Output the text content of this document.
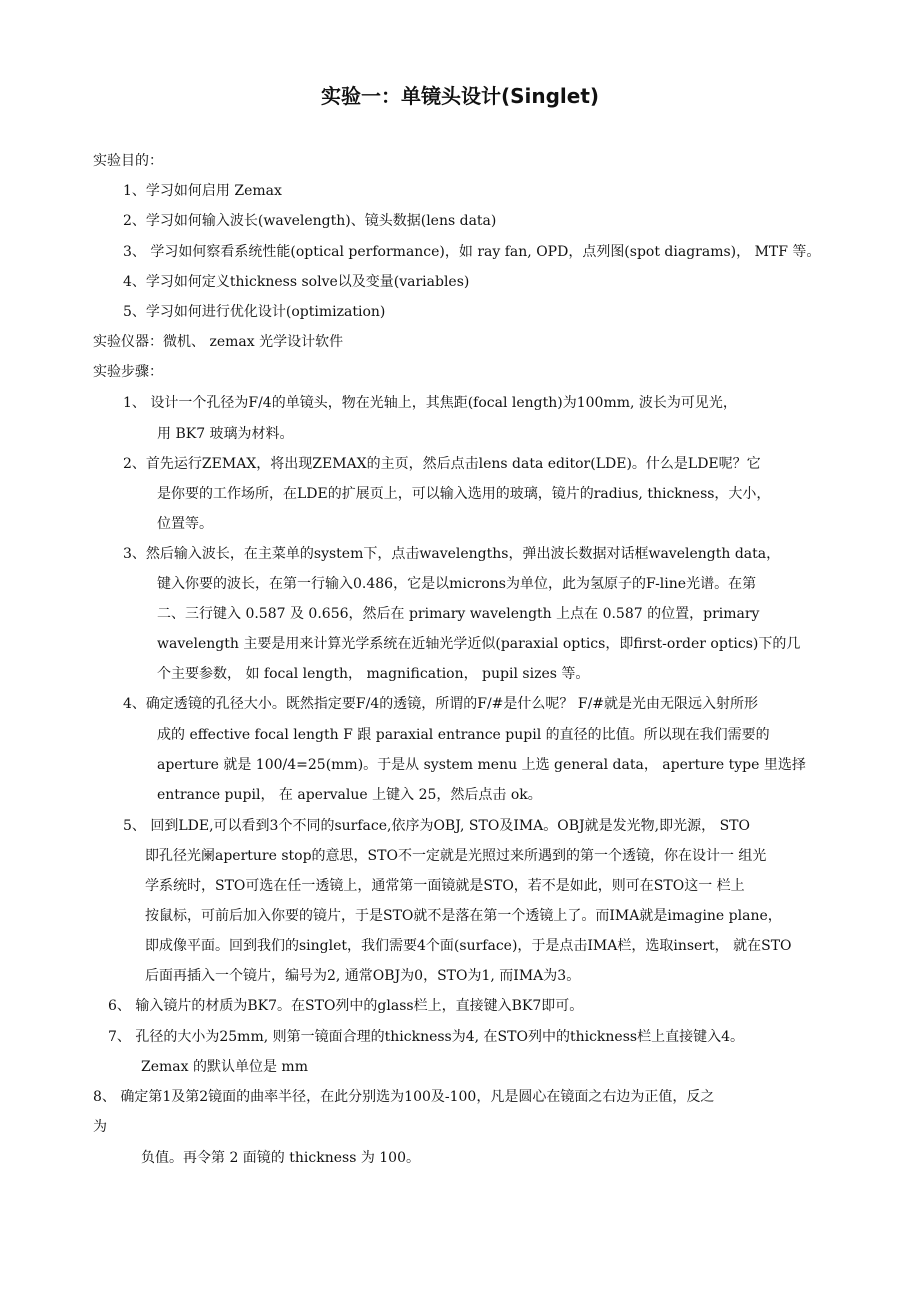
实验一：单镜头设计(Singlet)
实验目的：
1、学习如何启用 Zemax
2、学习如何输入波长(wavelength)、镜头数据(lens data)
3、 学习如何察看系统性能(optical performance)，如 ray fan, OPD，点列图(spot diagrams)， MTF 等。
4、学习如何定义thickness solve以及变量(variables)
5、学习如何进行优化设计(optimization)
实验仪器：微机、 zemax 光学设计软件
实验步骤：
1、 设计一个孔径为F/4的单镜头，物在光轴上，其焦距(focal length)为100mm, 波长为可见光，
用 BK7 玻璃为材料。
2、首先运行ZEMAX，将出现ZEMAX的主页，然后点击lens data editor(LDE)。什么是LDE呢？它
是你要的工作场所，在LDE的扩展页上，可以输入选用的玻璃，镜片的radius, thickness，大小，
位置等。
3、然后输入波长，在主菜单的system下，点击wavelengths，弹出波长数据对话框wavelength data，
键入你要的波长，在第一行输入0.486，它是以microns为单位，此为氢原子的F-line光谱。在第
二、三行键入 0.587 及 0.656，然后在 primary wavelength 上点在 0.587 的位置，primary
wavelength 主要是用来计算光学系统在近轴光学近似(paraxial optics，即first-order optics)下的几
个主要参数， 如 focal length， magnification， pupil sizes 等。
4、确定透镜的孔径大小。既然指定要F/4的透镜，所谓的F/#是什么呢？ F/#就是光由无限远入射所形
成的 effective focal length F 跟 paraxial entrance pupil 的直径的比值。所以现在我们需要的
aperture 就是 100/4=25(mm)。于是从 system menu 上选 general data， aperture type 里选择
entrance pupil， 在 apervalue 上键入 25，然后点击 ok。
5、 回到LDE,可以看到3个不同的surface,依序为OBJ, STO及IMA。OBJ就是发光物,即光源， STO
即孔径光阑aperture stop的意思，STO不一定就是光照过来所遇到的第一个透镜，你在设计一 组光
学系统时，STO可选在任一透镜上，通常第一面镜就是STO，若不是如此，则可在STO这一 栏上
按鼠标，可前后加入你要的镜片，于是STO就不是落在第一个透镜上了。而IMA就是imagine plane，
即成像平面。回到我们的singlet，我们需要4个面(surface)，于是点击IMA栏，选取insert， 就在STO
后面再插入一个镜片，编号为2, 通常OBJ为0，STO为1, 而IMA为3。
6、 输入镜片的材质为BK7。在STO列中的glass栏上，直接键入BK7即可。
7、 孔径的大小为25mm, 则第一镜面合理的thickness为4, 在STO列中的thickness栏上直接键入4。
Zemax 的默认单位是 mm
8、 确定第1及第2镜面的曲率半径，在此分别选为100及-100，凡是圆心在镜面之右边为正值，反之
为
负值。再令第 2 面镜的 thickness 为 100。
